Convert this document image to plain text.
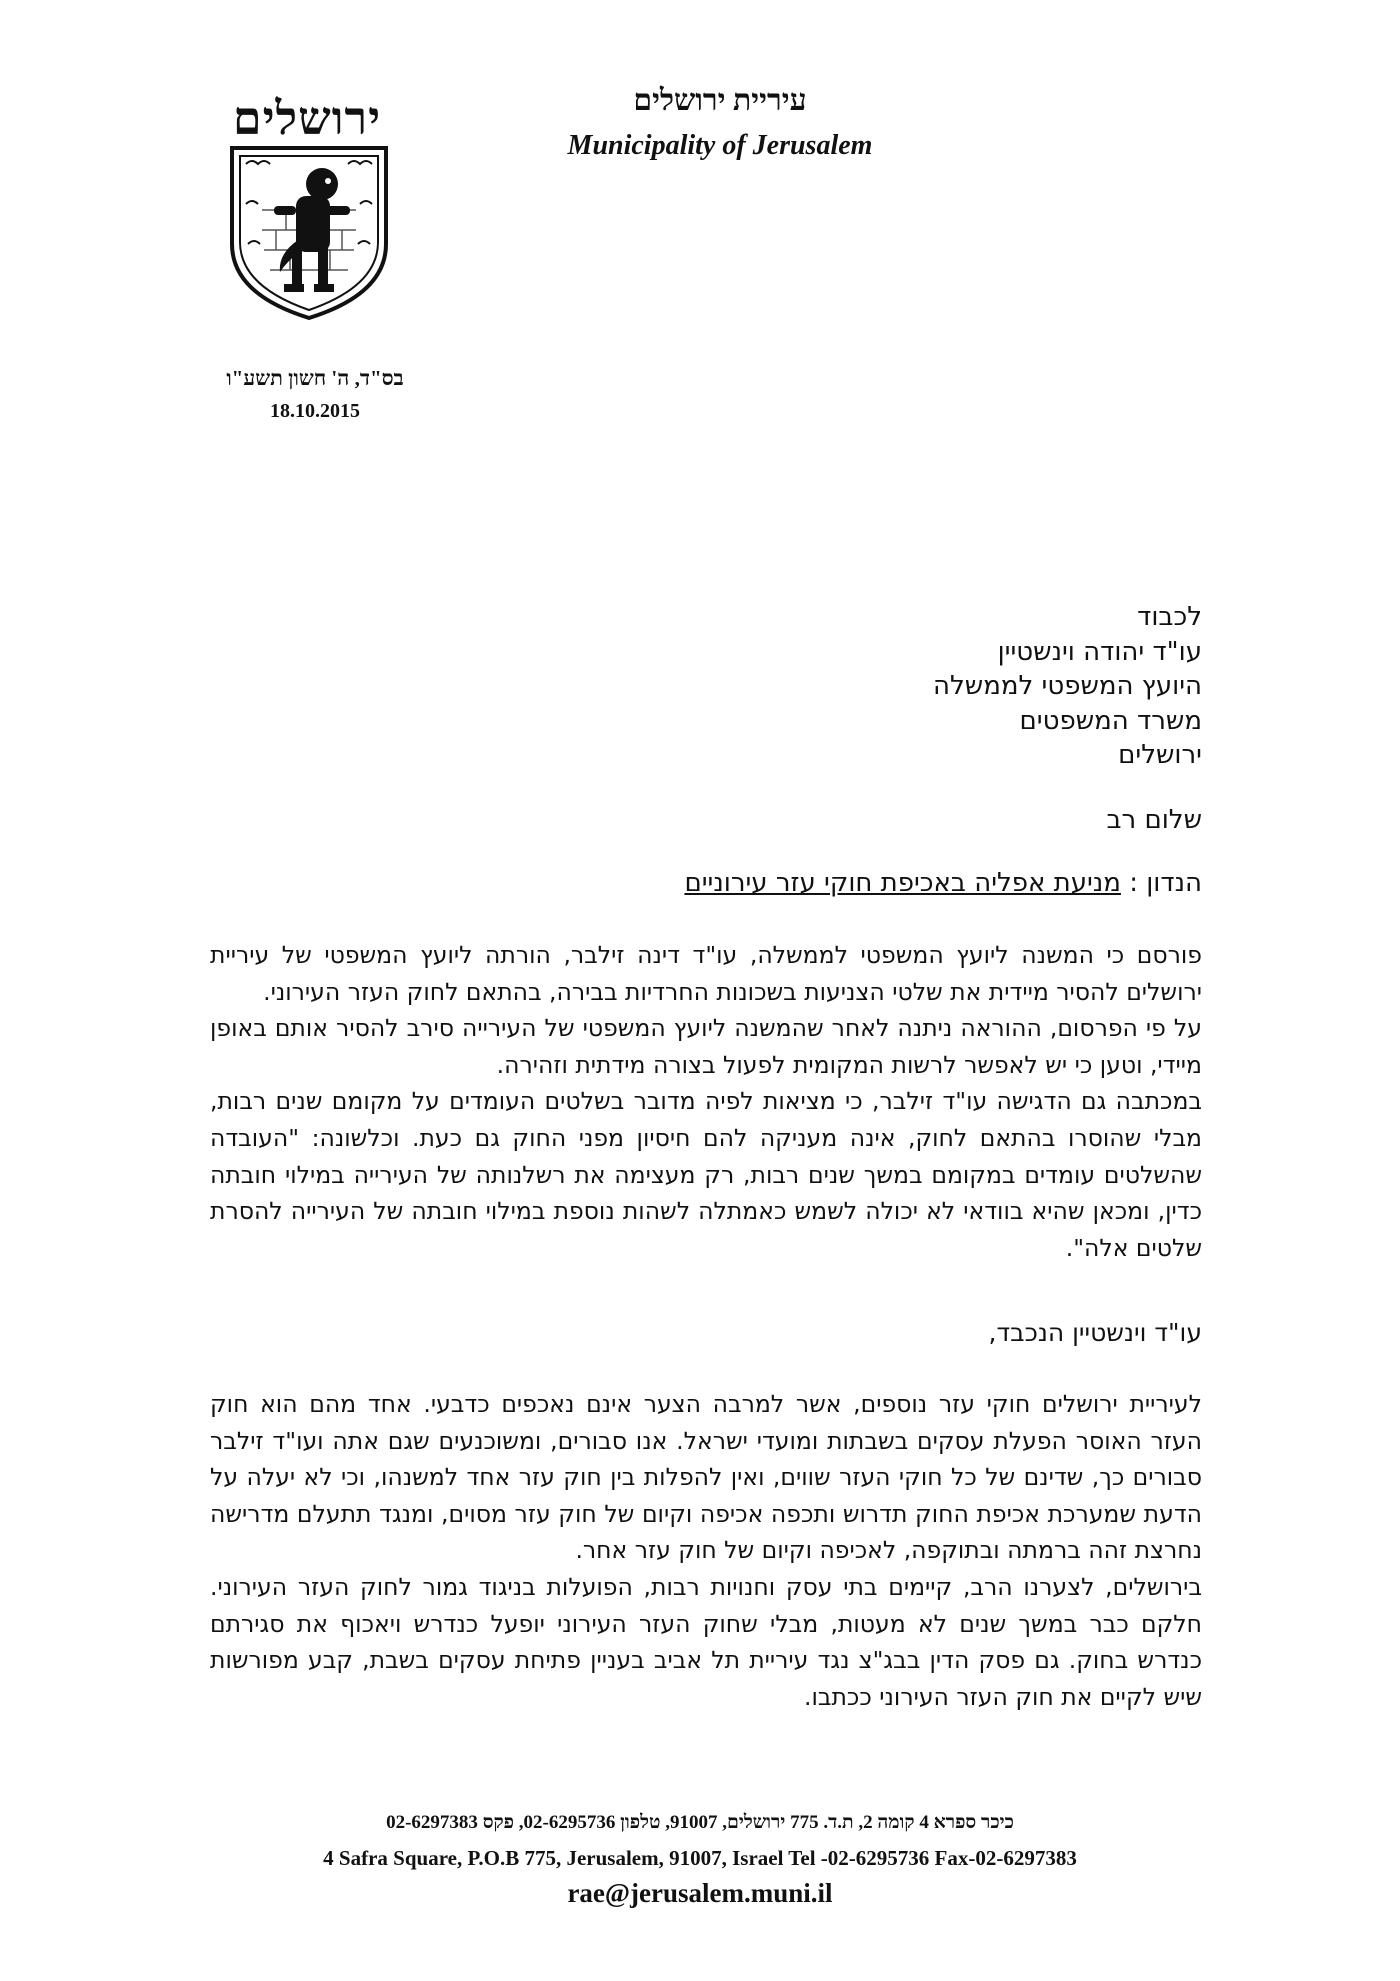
ירושלים	עיריית ירושלים
Municipality of Jerusalem
בס"ד, ה' חשון תשע"ו
18.10.2015
לכבוד
עו"ד יהודה וינשטיין
היועץ המשפטי לממשלה
משרד המשפטים
ירושלים
שלום רב
הנדון : מניעת אפליה באכיפת חוקי עזר עירוניים

פורסם כי המשנה ליועץ המשפטי לממשלה, עו"ד דינה זילבר, הורתה ליועץ המשפטי של עיריית ירושלים להסיר מיידית את שלטי הצניעות בשכונות החרדיות בבירה, בהתאם לחוק העזר העירוני.

על פי הפרסום, ההוראה ניתנה לאחר שהמשנה ליועץ המשפטי של העירייה סירב להסיר אותם באופן מיידי, וטען כי יש לאפשר לרשות המקומית לפעול בצורה מידתית וזהירה.

במכתבה גם הדגישה עו"ד זילבר, כי מציאות לפיה מדובר בשלטים העומדים על מקומם שנים רבות, מבלי שהוסרו בהתאם לחוק, אינה מעניקה להם חיסיון מפני החוק גם כעת. וכלשונה: "העובדה שהשלטים עומדים במקומם במשך שנים רבות, רק מעצימה את רשלנותה של העירייה במילוי חובתה כדין, ומכאן שהיא בוודאי לא יכולה לשמש כאמתלה לשהות נוספת במילוי חובתה של העירייה להסרת שלטים אלה".

עו"ד וינשטיין הנכבד,

לעיריית ירושלים חוקי עזר נוספים, אשר למרבה הצער אינם נאכפים כדבעי. אחד מהם הוא חוק העזר האוסר הפעלת עסקים בשבתות ומועדי ישראל. אנו סבורים, ומשוכנעים שגם אתה ועו"ד זילבר סבורים כך, שדינם של כל חוקי העזר שווים, ואין להפלות בין חוק עזר אחד למשנהו, וכי לא יעלה על הדעת שמערכת אכיפת החוק תדרוש ותכפה אכיפה וקיום של חוק עזר מסוים, ומנגד תתעלם מדרישה נחרצת זהה ברמתה ובתוקפה, לאכיפה וקיום של חוק עזר אחר.

בירושלים, לצערנו הרב, קיימים בתי עסק וחנויות רבות, הפועלות בניגוד גמור לחוק העזר העירוני. חלקם כבר במשך שנים לא מעטות, מבלי שחוק העזר העירוני יופעל כנדרש ויאכוף את סגירתם כנדרש בחוק. גם פסק הדין בבג"צ נגד עיריית תל אביב בעניין פתיחת עסקים בשבת, קבע מפורשות שיש לקיים את חוק העזר העירוני ככתבו.

כיכר ספרא 4 קומה 2, ת.ד. 775 ירושלים, 91007, טלפון 02-6295736, פקס 02-6297383
4 Safra Square, P.O.B 775, Jerusalem, 91007, Israel Tel -02-6295736 Fax-02-6297383
rae@jerusalem.muni.il
